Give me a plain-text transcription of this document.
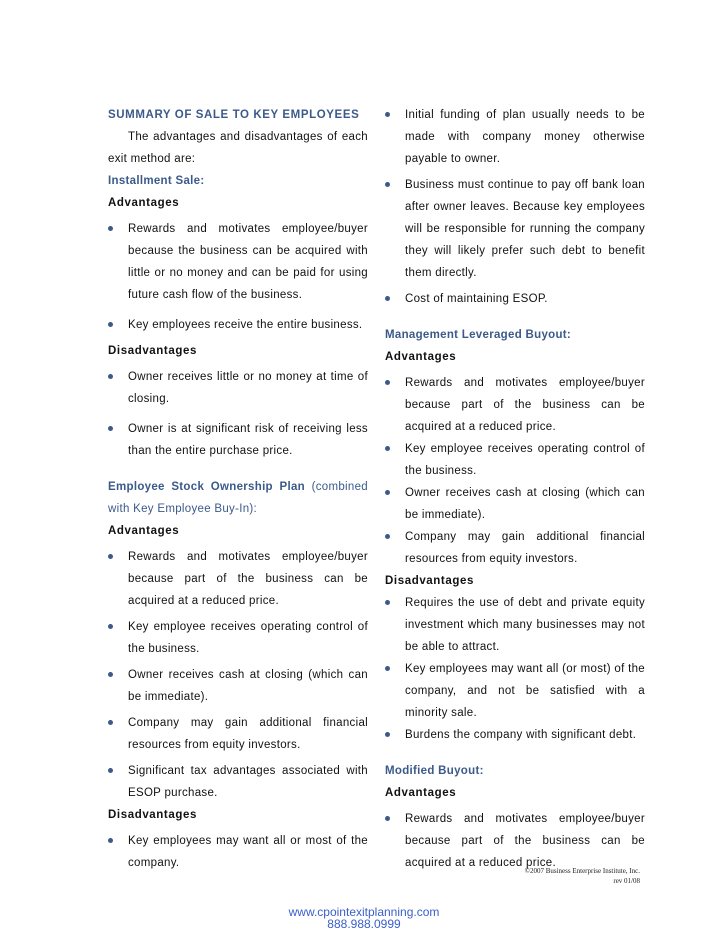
SUMMARY OF SALE TO KEY EMPLOYEES

The advantages and disadvantages of each exit method are:

Installment Sale:

Advantages

Rewards and motivates employee/buyer because the business can be acquired with little or no money and can be paid for using future cash flow of the business.

Key employees receive the entire business.

Disadvantages

Owner receives little or no money at time of closing.

Owner is at significant risk of receiving less than the entire purchase price.

Employee Stock Ownership Plan (combined with Key Employee Buy-In):

Advantages

Rewards and motivates employee/buyer because part of the business can be acquired at a reduced price.

Key employee receives operating control of the business.

Owner receives cash at closing (which can be immediate).

Company may gain additional financial resources from equity investors.

Significant tax advantages associated with ESOP purchase.

Disadvantages

Key employees may want all or most of the company.

Initial funding of plan usually needs to be made with company money otherwise payable to owner.

Business must continue to pay off bank loan after owner leaves. Because key employees will be responsible for running the company they will likely prefer such debt to benefit them directly.

Cost of maintaining ESOP.

Management Leveraged Buyout:

Advantages

Rewards and motivates employee/buyer because part of the business can be acquired at a reduced price.

Key employee receives operating control of the business.

Owner receives cash at closing (which can be immediate).

Company may gain additional financial resources from equity investors.

Disadvantages

Requires the use of debt and private equity investment which many businesses may not be able to attract.

Key employees may want all (or most) of the company, and not be satisfied with a minority sale.

Burdens the company with significant debt.

Modified Buyout:

Advantages

Rewards and motivates employee/buyer because part of the business can be acquired at a reduced price.

©2007 Business Enterprise Institute, Inc.
rev 01/08
www.cpointexitplanning.com
888.988.0999
